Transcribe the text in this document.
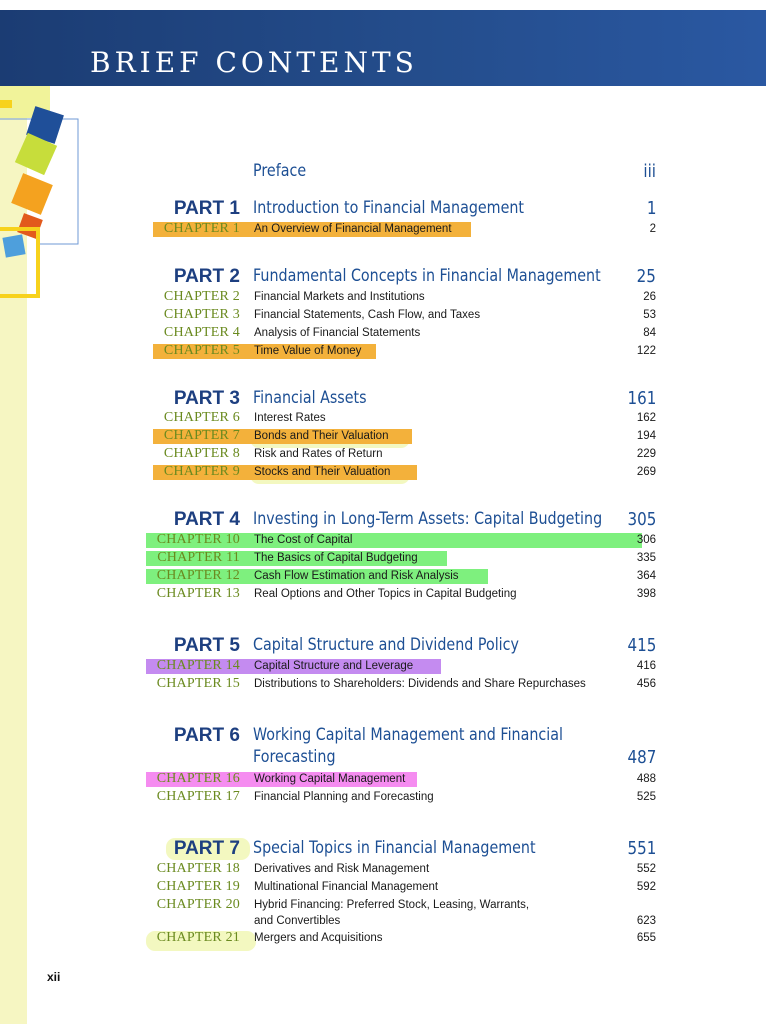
BRIEF CONTENTS
Preface	iii
PART 1 Introduction to Financial Management	1
CHAPTER 1 An Overview of Financial Management	2
PART 2 Fundamental Concepts in Financial Management 25
CHAPTER 2 Financial Markets and Institutions	26
CHAPTER 3 Financial Statements, Cash Flow, and Taxes	53
CHAPTER 4 Analysis of Financial Statements	84
CHAPTER 5 Time Value of Money	122
PART 3 Financial Assets	161
CHAPTER 6 Interest Rates	162
CHAPTER 7 Bonds and Their Valuation	194
CHAPTER 8 Risk and Rates of Return	229
CHAPTER 9 Stocks and Their Valuation	269
PART 4 Investing in Long-Term Assets: Capital Budgeting 305
CHAPTER 10 The Cost of Capital	306
CHAPTER 11 The Basics of Capital Budgeting	335
CHAPTER 12 Cash Flow Estimation and Risk Analysis	364
CHAPTER 13 Real Options and Other Topics in Capital Budgeting	398
PART 5 Capital Structure and Dividend Policy	415
CHAPTER 14 Capital Structure and Leverage	416
CHAPTER 15 Distributions to Shareholders: Dividends and Share Repurchases	456
PART 6 Working Capital Management and Financial
Forecasting	487
CHAPTER 16 Working Capital Management	488
CHAPTER 17 Financial Planning and Forecasting	525
PART 7 Special Topics in Financial Management	551
CHAPTER 18 Derivatives and Risk Management	552
CHAPTER 19 Multinational Financial Management	592
CHAPTER 20 Hybrid Financing: Preferred Stock, Leasing, Warrants,
and Convertibles	623
CHAPTER 21 Mergers and Acquisitions	655
xii
